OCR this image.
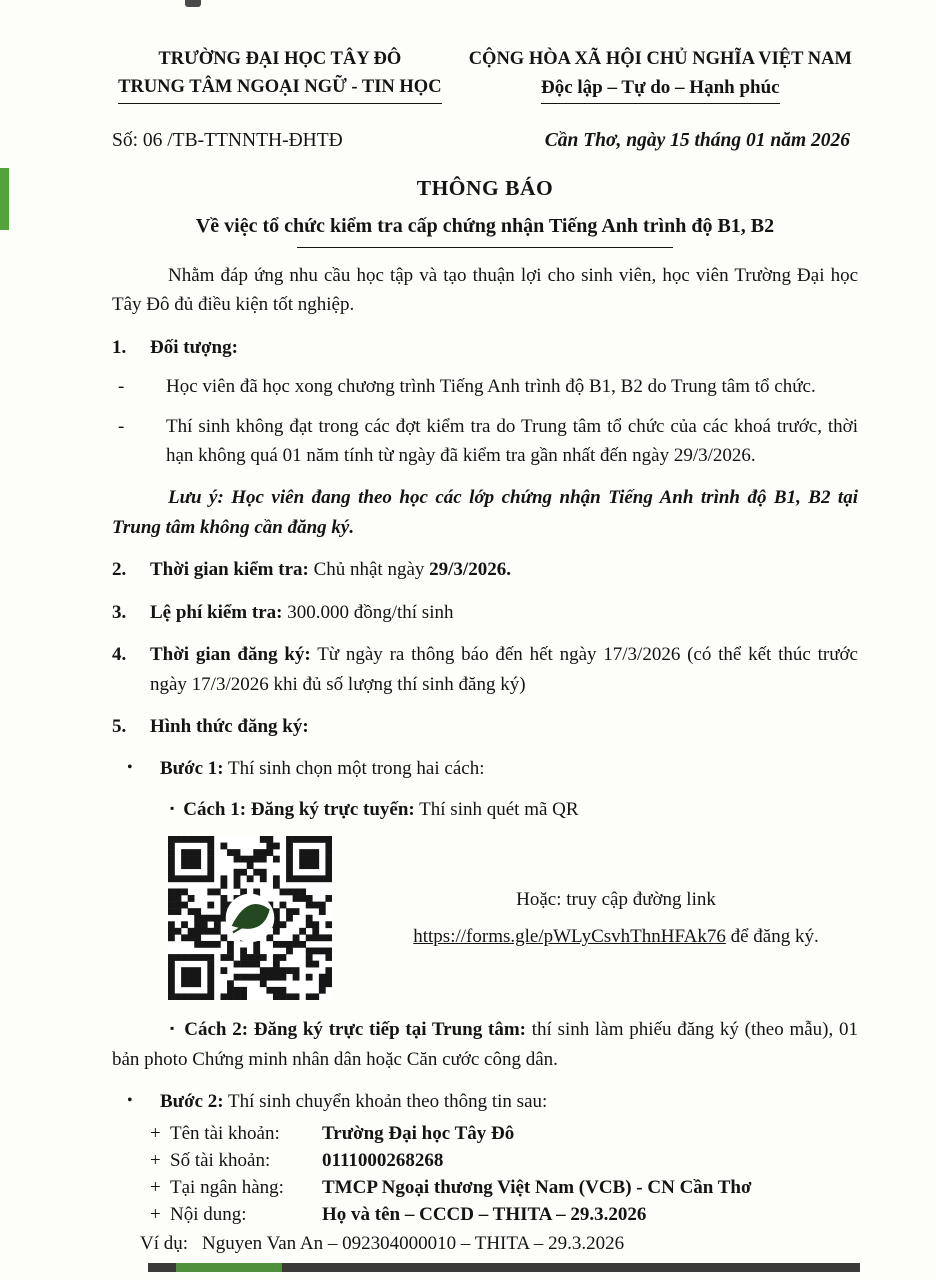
TRƯỜNG ĐẠI HỌC TÂY ĐÔ
TRUNG TÂM NGOẠI NGỮ - TIN HỌC
CỘNG HÒA XÃ HỘI CHỦ NGHĨA VIỆT NAM
Độc lập – Tự do – Hạnh phúc
Số: 06 /TB-TTNNTH-ĐHTĐ	Cần Thơ, ngày 15 tháng 01 năm 2026
THÔNG BÁO
Về việc tổ chức kiểm tra cấp chứng nhận Tiếng Anh trình độ B1, B2

Nhằm đáp ứng nhu cầu học tập và tạo thuận lợi cho sinh viên, học viên Trường Đại học Tây Đô đủ điều kiện tốt nghiệp.

1.	Đối tượng:
- Học viên đã học xong chương trình Tiếng Anh trình độ B1, B2 do Trung tâm tổ chức.
- Thí sinh không đạt trong các đợt kiểm tra do Trung tâm tổ chức của các khoá trước, thời hạn không quá 01 năm tính từ ngày đã kiểm tra gần nhất đến ngày 29/3/2026.

Lưu ý: Học viên đang theo học các lớp chứng nhận Tiếng Anh trình độ B1, B2 tại Trung tâm không cần đăng ký.

2.	Thời gian kiểm tra: Chủ nhật ngày 29/3/2026.
3.	Lệ phí kiểm tra: 300.000 đồng/thí sinh
4.	Thời gian đăng ký: Từ ngày ra thông báo đến hết ngày 17/3/2026 (có thể kết thúc trước ngày 17/3/2026 khi đủ số lượng thí sinh đăng ký)
5.	Hình thức đăng ký:
• Bước 1: Thí sinh chọn một trong hai cách:
▪ Cách 1: Đăng ký trực tuyến: Thí sinh quét mã QR
Hoặc: truy cập đường link
https://forms.gle/pWLyCsvhThnHFAk76 để đăng ký.

▪ Cách 2: Đăng ký trực tiếp tại Trung tâm: thí sinh làm phiếu đăng ký (theo mẫu), 01 bản photo Chứng minh nhân dân hoặc Căn cước công dân.

• Bước 2: Thí sinh chuyển khoản theo thông tin sau:
+ Tên tài khoản:	Trường Đại học Tây Đô
+ Số tài khoản:	0111000268268
+ Tại ngân hàng:	TMCP Ngoại thương Việt Nam (VCB) - CN Cần Thơ
+ Nội dung:	Họ và tên – CCCD – THITA – 29.3.2026
Ví dụ: Nguyen Van An – 092304000010 – THITA – 29.3.2026
